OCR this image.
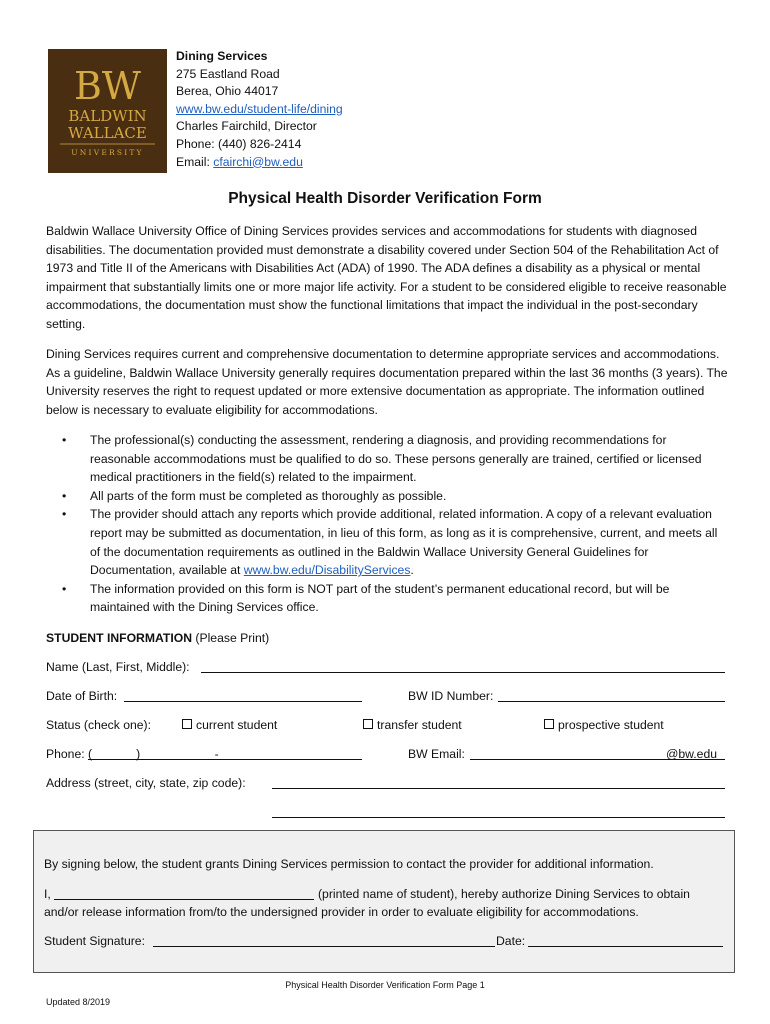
BW
BALDWIN
WALLACE
UNIVERSITY
Dining Services
275 Eastland Road
Berea, Ohio 44017
www.bw.edu/student-life/dining
Charles Fairchild, Director
Phone: (440) 826-2414
Email: cfairchi@bw.edu
Physical Health Disorder Verification Form
Baldwin Wallace University Office of Dining Services provides services and accommodations for students with diagnosed disabilities. The documentation provided must demonstrate a disability covered under Section 504 of the Rehabilitation Act of 1973 and Title II of the Americans with Disabilities Act (ADA) of 1990. The ADA defines a disability as a physical or mental impairment that substantially limits one or more major life activity. For a student to be considered eligible to receive reasonable accommodations, the documentation must show the functional limitations that impact the individual in the post-secondary setting.
Dining Services requires current and comprehensive documentation to determine appropriate services and accommodations. As a guideline, Baldwin Wallace University generally requires documentation prepared within the last 36 months (3 years). The University reserves the right to request updated or more extensive documentation as appropriate. The information outlined below is necessary to evaluate eligibility for accommodations.
• The professional(s) conducting the assessment, rendering a diagnosis, and providing recommendations for reasonable accommodations must be qualified to do so. These persons generally are trained, certified or licensed medical practitioners in the field(s) related to the impairment.
• All parts of the form must be completed as thoroughly as possible.
• The provider should attach any reports which provide additional, related information. A copy of a relevant evaluation report may be submitted as documentation, in lieu of this form, as long as it is comprehensive, current, and meets all of the documentation requirements as outlined in the Baldwin Wallace University General Guidelines for Documentation, available at www.bw.edu/DisabilityServices.
• The information provided on this form is NOT part of the student’s permanent educational record, but will be maintained with the Dining Services office.
STUDENT INFORMATION (Please Print)
Name (Last, First, Middle):
Date of Birth:	BW ID Number:
Status (check one):	current student	transfer student	prospective student
Phone: (             )                      -	BW Email:	@bw.edu
Address (street, city, state, zip code):
By signing below, the student grants Dining Services permission to contact the provider for additional information.
I,	(printed name of student), hereby authorize Dining Services to obtain
and/or release information from/to the undersigned provider in order to evaluate eligibility for accommodations.
Student Signature:	Date:
Physical Health Disorder Verification Form Page 1
Updated 8/2019
